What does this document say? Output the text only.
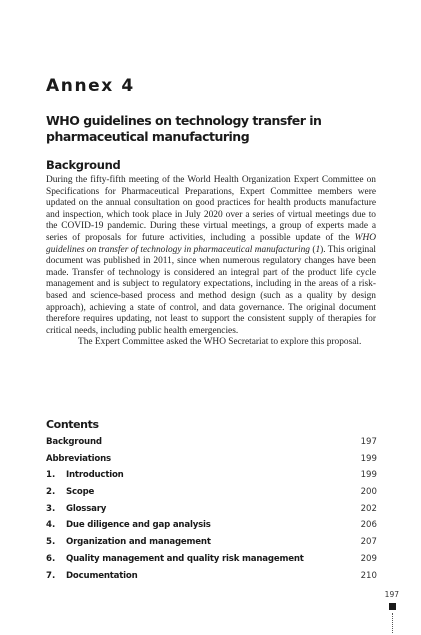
Annex 4
WHO guidelines on technology transfer in pharmaceutical manufacturing
Background

During the fifty-fifth meeting of the World Health Organization Expert Committee on Specifications for Pharmaceutical Preparations, Expert Committee members were updated on the annual consultation on good practices for health products manufacture and inspection, which took place in July 2020 over a series of virtual meetings due to the COVID-19 pandemic. During these virtual meetings, a group of experts made a series of proposals for future activities, including a possible update of the WHO guidelines on transfer of technology in pharmaceutical manufacturing (1). This original document was published in 2011, since when numerous regulatory changes have been made. Transfer of technology is considered an integral part of the product life cycle management and is subject to regulatory expectations, including in the areas of a risk-based and science-based process and method design (such as a quality by design approach), achieving a state of control, and data governance. The original document therefore requires updating, not least to support the consistent supply of therapies for critical needs, including public health emergencies.

The Expert Committee asked the WHO Secretariat to explore this proposal.

Contents
Background	197
Abbreviations	199
1. Introduction	199
2. Scope	200
3. Glossary	202
4. Due diligence and gap analysis	206
5. Organization and management	207
6. Quality management and quality risk management	209
7. Documentation	210
197
